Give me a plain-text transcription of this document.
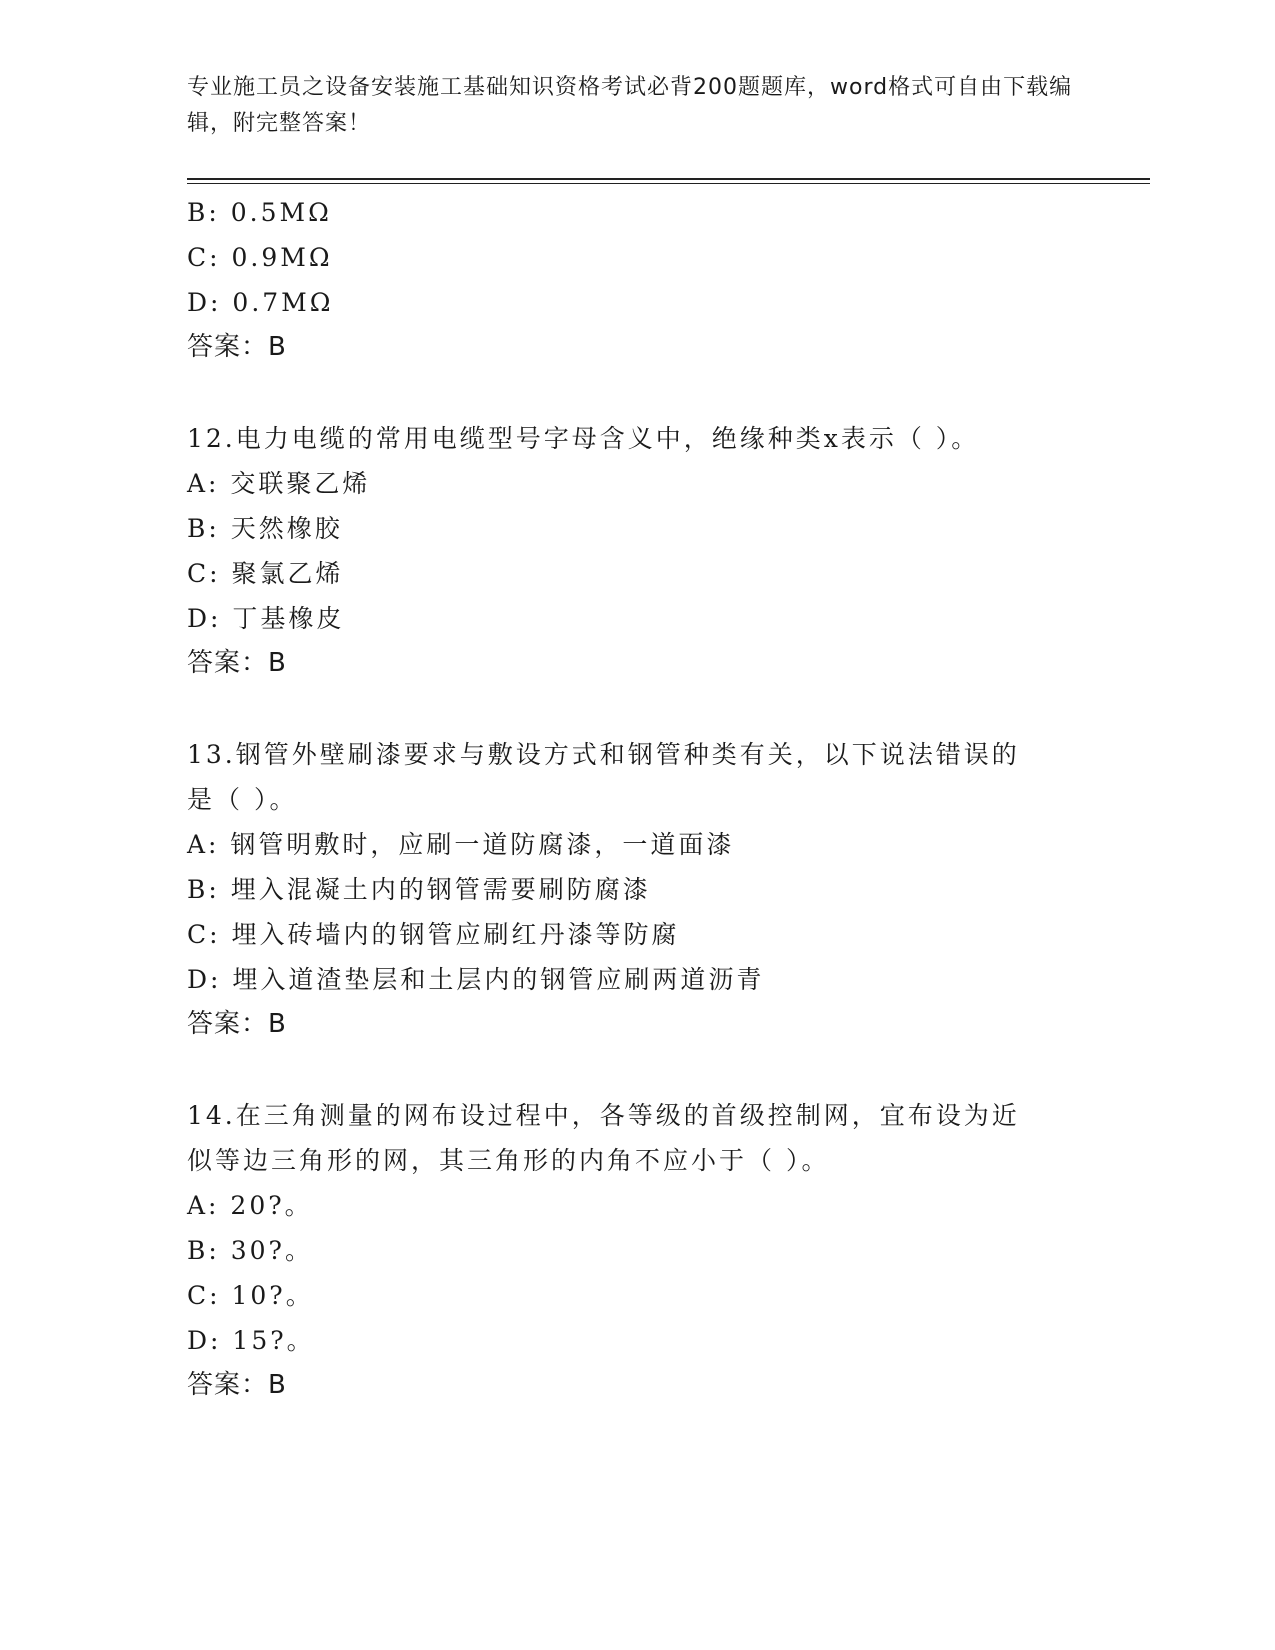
专业施工员之设备安装施工基础知识资格考试必背200题题库，word格式可自由下载编辑，附完整答案！
B: 0.5MΩ
C: 0.9MΩ
D: 0.7MΩ
答案：B
12.电力电缆的常用电缆型号字母含义中，绝缘种类x表示（ ）。
A: 交联聚乙烯
B: 天然橡胶
C: 聚氯乙烯
D: 丁基橡皮
答案：B
13.钢管外壁刷漆要求与敷设方式和钢管种类有关，以下说法错误的是（ ）。
A: 钢管明敷时，应刷一道防腐漆，一道面漆
B: 埋入混凝土内的钢管需要刷防腐漆
C: 埋入砖墙内的钢管应刷红丹漆等防腐
D: 埋入道渣垫层和土层内的钢管应刷两道沥青
答案：B
14.在三角测量的网布设过程中，各等级的首级控制网，宜布设为近似等边三角形的网，其三角形的内角不应小于（ ）。
A: 20?。
B: 30?。
C: 10?。
D: 15?。
答案：B
